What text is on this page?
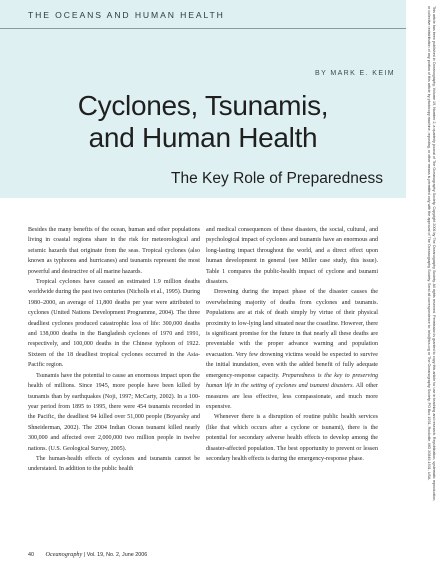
THE OCEANS AND HUMAN HEALTH
BY MARK E. KEIM
Cyclones, Tsunamis,
and Human Health
The Key Role of Preparedness

Besides the many benefits of the ocean, human and other populations living in coastal regions share in the risk for meteorological and seismic hazards that originate from the seas. Tropical cyclones (also known as typhoons and hurricanes) and tsunamis represent the most powerful and destructive of all marine hazards.

Tropical cyclones have caused an estimated 1.9 million deaths worldwide during the past two centuries (Nicholls et al., 1995). During 1980–2000, an average of 11,800 deaths per year were attributed to cyclones (United Nations Development Programme, 2004). The three deadliest cyclones produced catastrophic loss of life: 300,000 deaths and 138,000 deaths in the Bangladesh cyclones of 1970 and 1991, respectively, and 100,000 deaths in the Chinese typhoon of 1922. Sixteen of the 18 deadliest tropical cyclones occurred in the Asia-Pacific region.

Tsunamis have the potential to cause an enormous impact upon the health of millions. Since 1945, more people have been killed by tsunamis than by earthquakes (Noji, 1997; McCarty, 2002). In a 100-year period from 1895 to 1995, there were 454 tsunamis recorded in the Pacific, the deadliest 94 killed over 51,000 people (Boyarsky and Shneiderman, 2002). The 2004 Indian Ocean tsunami killed nearly 300,000 and affected over 2,000,000 two million people in twelve nations. (U.S. Geological Survey, 2005).

The human-health effects of cyclones and tsunamis cannot be understated. In addition to the public health

and medical consequences of these disasters, the social, cultural, and psychological impact of cyclones and tsunamis have an enormous and long-lasting impact throughout the world, and a direct effect upon human development in general (see Miller case study, this issue). Table 1 compares the public-health impact of cyclone and tsunami disasters.

Drowning during the impact phase of the disaster causes the overwhelming majority of deaths from cyclones and tsunamis. Populations are at risk of death simply by virtue of their physical proximity to low-lying land situated near the coastline. However, there is significant promise for the future in that nearly all these deaths are preventable with the proper advance warning and population evacuation. Very few drowning victims would be expected to survive the initial inundation, even with the added benefit of fully adequate emergency-response capacity. Preparedness is the key to preserving human life in the setting of cyclones and tsunami disasters. All other measures are less effective, less compassionate, and much more expensive.

Whenever there is a disruption of routine public health services (like that which occurs after a cyclone or tsunami), there is the potential for secondary adverse health effects to develop among the disaster-affected population. The best opportunity to prevent or lessen secondary health effects is during the emergency-response phase.	This article has been published in Oceanography, Volume 19, Number 2, a quarterly journal of The Oceanography Society. Copyright 2006 by The Oceanography Society. All rights reserved. Permission is granted to copy this article for use in teaching and research. Republication, systematic reproduction,
or collective redistribution of any portion of this article by photocopy machine, reposting, or other means is permitted only with the approval of The Oceanography Society. Send all correspondence to: info@tos.org or The Oceanography Society, PO Box 1931, Rockville, MD 20849-1931, USA.
40 Oceanography | Vol. 19, No. 2, June 2006
